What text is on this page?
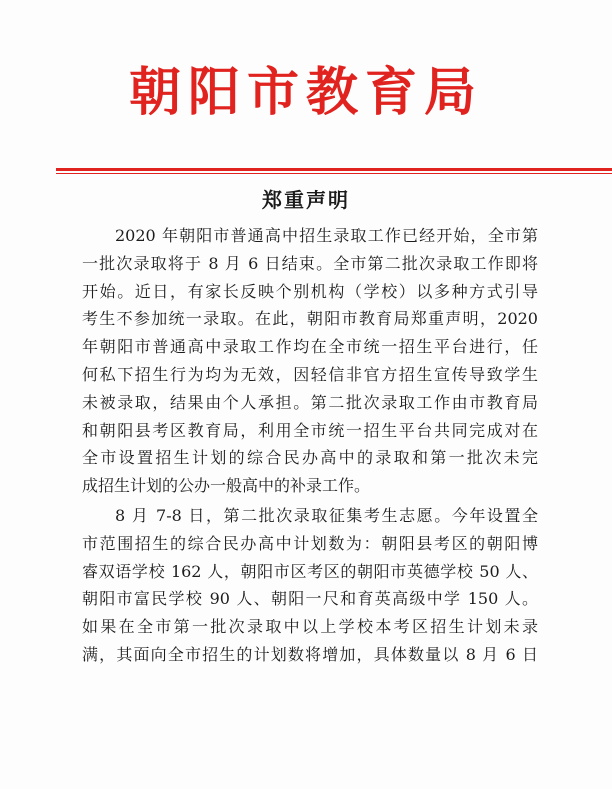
朝阳市教育局
郑重声明
2020 年朝阳市普通高中招生录取工作已经开始，全市第
一批次录取将于 8 月 6 日结束。全市第二批次录取工作即将
开始。近日，有家长反映个别机构（学校）以多种方式引导
考生不参加统一录取。在此，朝阳市教育局郑重声明，2020
年朝阳市普通高中录取工作均在全市统一招生平台进行，任
何私下招生行为均为无效，因轻信非官方招生宣传导致学生
未被录取，结果由个人承担。第二批次录取工作由市教育局
和朝阳县考区教育局，利用全市统一招生平台共同完成对在
全市设置招生计划的综合民办高中的录取和第一批次未完
成招生计划的公办一般高中的补录工作。
8 月 7-8 日，第二批次录取征集考生志愿。今年设置全
市范围招生的综合民办高中计划数为：朝阳县考区的朝阳博
睿双语学校 162 人，朝阳市区考区的朝阳市英德学校 50 人、
朝阳市富民学校 90 人、朝阳一尺和育英高级中学 150 人。
如果在全市第一批次录取中以上学校本考区招生计划未录
满，其面向全市招生的计划数将增加，具体数量以 8 月 6 日
